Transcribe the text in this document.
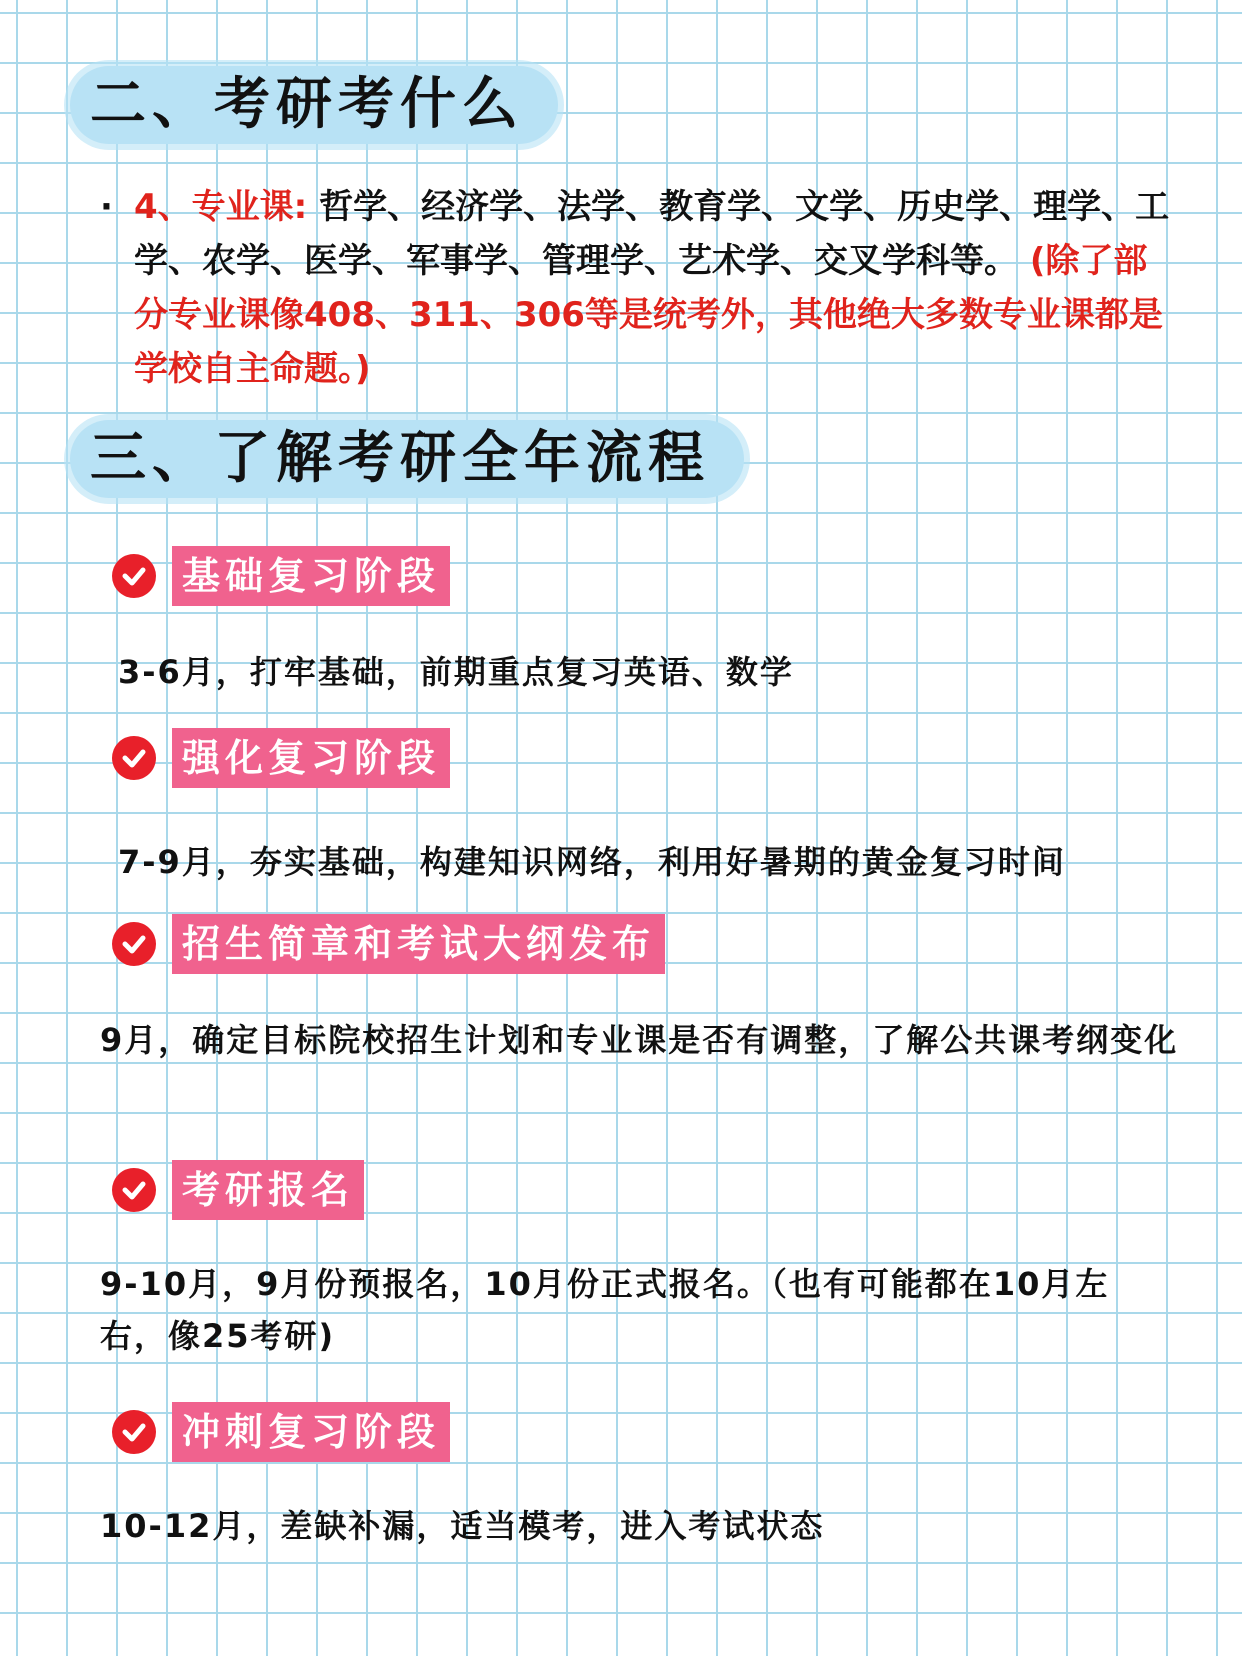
二、考研考什么
· 4、专业课: 哲学、经济学、法学、教育学、文学、历史学、理学、工学、农学、医学、军事学、管理学、艺术学、交叉学科等。 (除了部分专业课像408、311、306等是统考外，其他绝大多数专业课都是学校自主命题。)
三、了解考研全年流程
基础复习阶段
3-6月，打牢基础，前期重点复习英语、数学
强化复习阶段
7-9月，夯实基础，构建知识网络，利用好暑期的黄金复习时间
招生简章和考试大纲发布
9月，确定目标院校招生计划和专业课是否有调整，了解公共课考纲变化
考研报名
9-10月，9月份预报名，10月份正式报名。（也有可能都在10月左右，像25考研)
冲刺复习阶段
10-12月，差缺补漏，适当模考，进入考试状态
